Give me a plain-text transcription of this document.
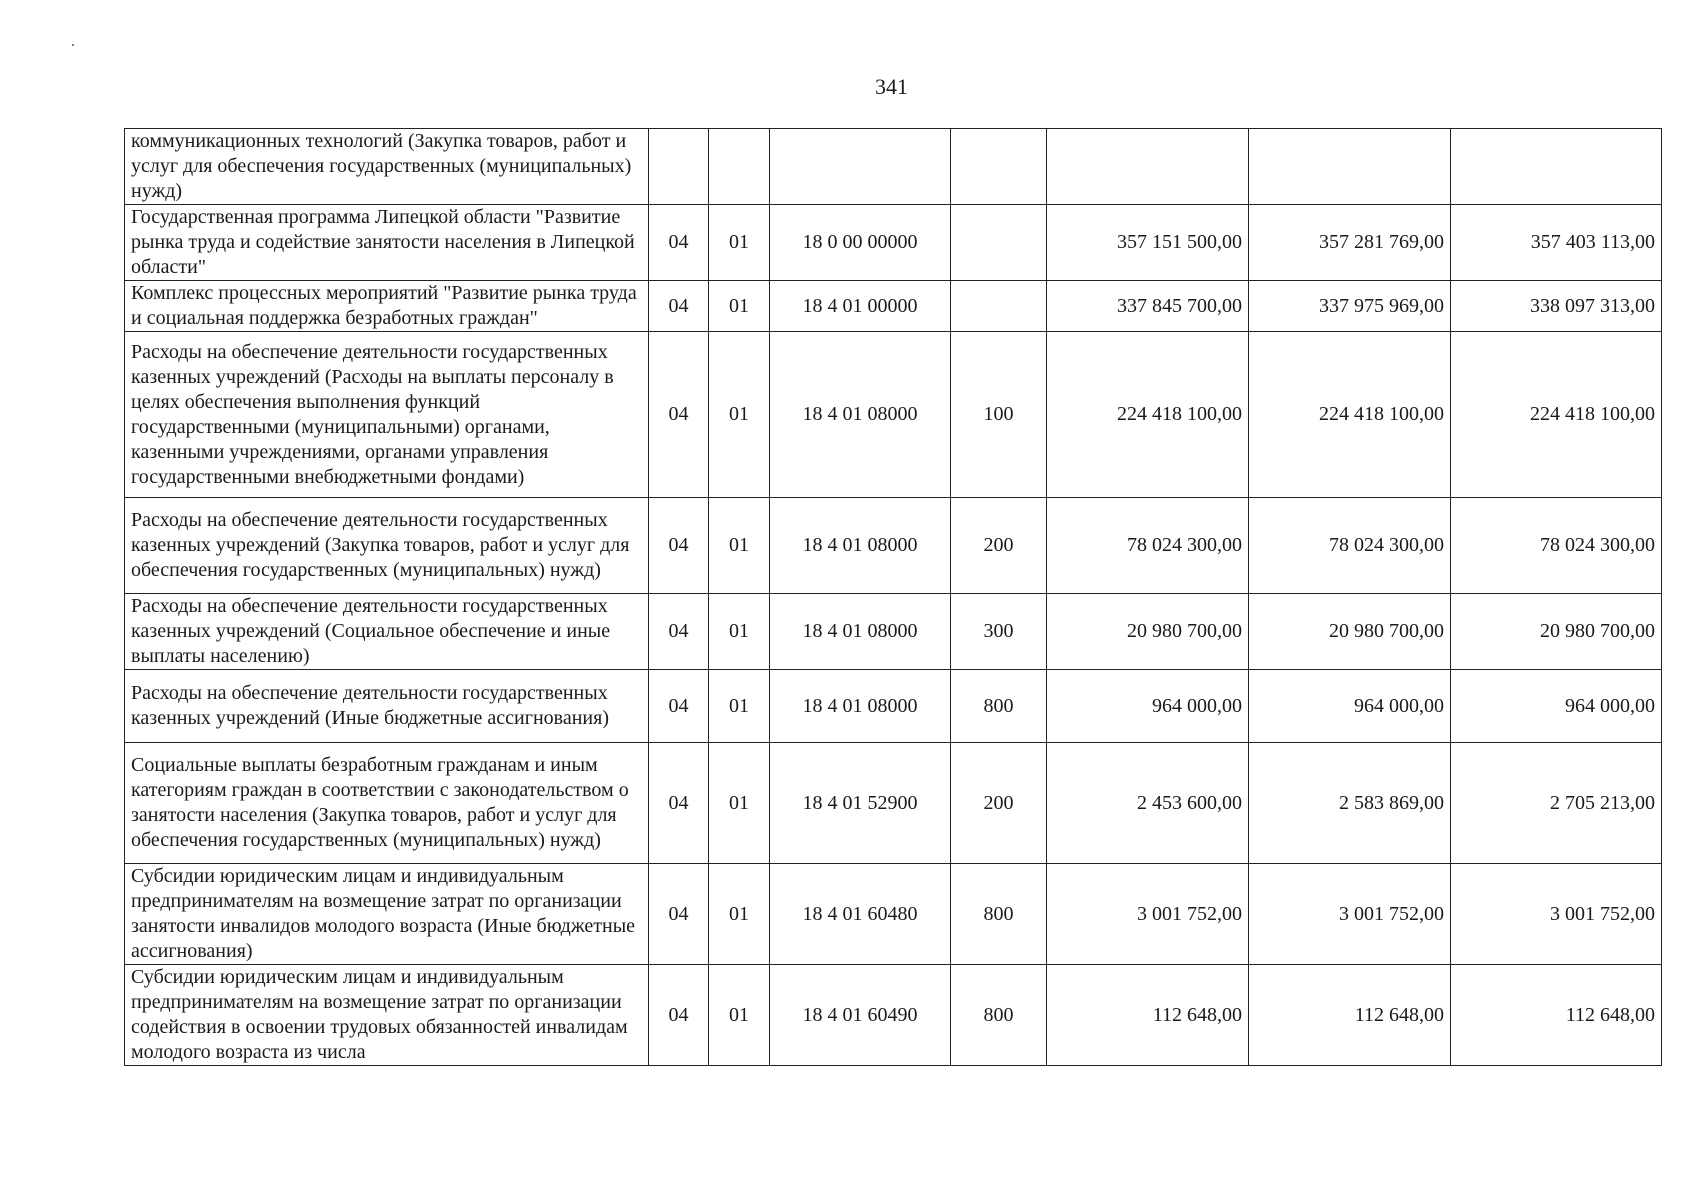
341
коммуникационных технологий (Закупка товаров, работ и услуг для обеспечения государственных (муниципальных) нужд)							
Государственная программа Липецкой области "Развитие рынка труда и содействие занятости населения в Липецкой области"	04	01	18 0 00 00000		357 151 500,00	357 281 769,00	357 403 113,00
Комплекс процессных мероприятий "Развитие рынка труда и социальная поддержка безработных граждан"	04	01	18 4 01 00000		337 845 700,00	337 975 969,00	338 097 313,00
Расходы на обеспечение деятельности государственных казенных учреждений (Расходы на выплаты персоналу в целях обеспечения выполнения функций государственными (муниципальными) органами, казенными учреждениями, органами управления государственными внебюджетными фондами)	04	01	18 4 01 08000	100	224 418 100,00	224 418 100,00	224 418 100,00
Расходы на обеспечение деятельности государственных казенных учреждений (Закупка товаров, работ и услуг для обеспечения государственных (муниципальных) нужд)	04	01	18 4 01 08000	200	78 024 300,00	78 024 300,00	78 024 300,00
Расходы на обеспечение деятельности государственных казенных учреждений (Социальное обеспечение и иные выплаты населению)	04	01	18 4 01 08000	300	20 980 700,00	20 980 700,00	20 980 700,00
Расходы на обеспечение деятельности государственных казенных учреждений (Иные бюджетные ассигнования)	04	01	18 4 01 08000	800	964 000,00	964 000,00	964 000,00
Социальные выплаты безработным гражданам и иным категориям граждан в соответствии с законодательством о занятости населения (Закупка товаров, работ и услуг для обеспечения государственных (муниципальных) нужд)	04	01	18 4 01 52900	200	2 453 600,00	2 583 869,00	2 705 213,00
Субсидии юридическим лицам и индивидуальным предпринимателям на возмещение затрат по организации занятости инвалидов молодого возраста (Иные бюджетные ассигнования)	04	01	18 4 01 60480	800	3 001 752,00	3 001 752,00	3 001 752,00
Субсидии юридическим лицам и индивидуальным предпринимателям на возмещение затрат по организации содействия в освоении трудовых обязанностей инвалидам молодого возраста из числа	04	01	18 4 01 60490	800	112 648,00	112 648,00	112 648,00
